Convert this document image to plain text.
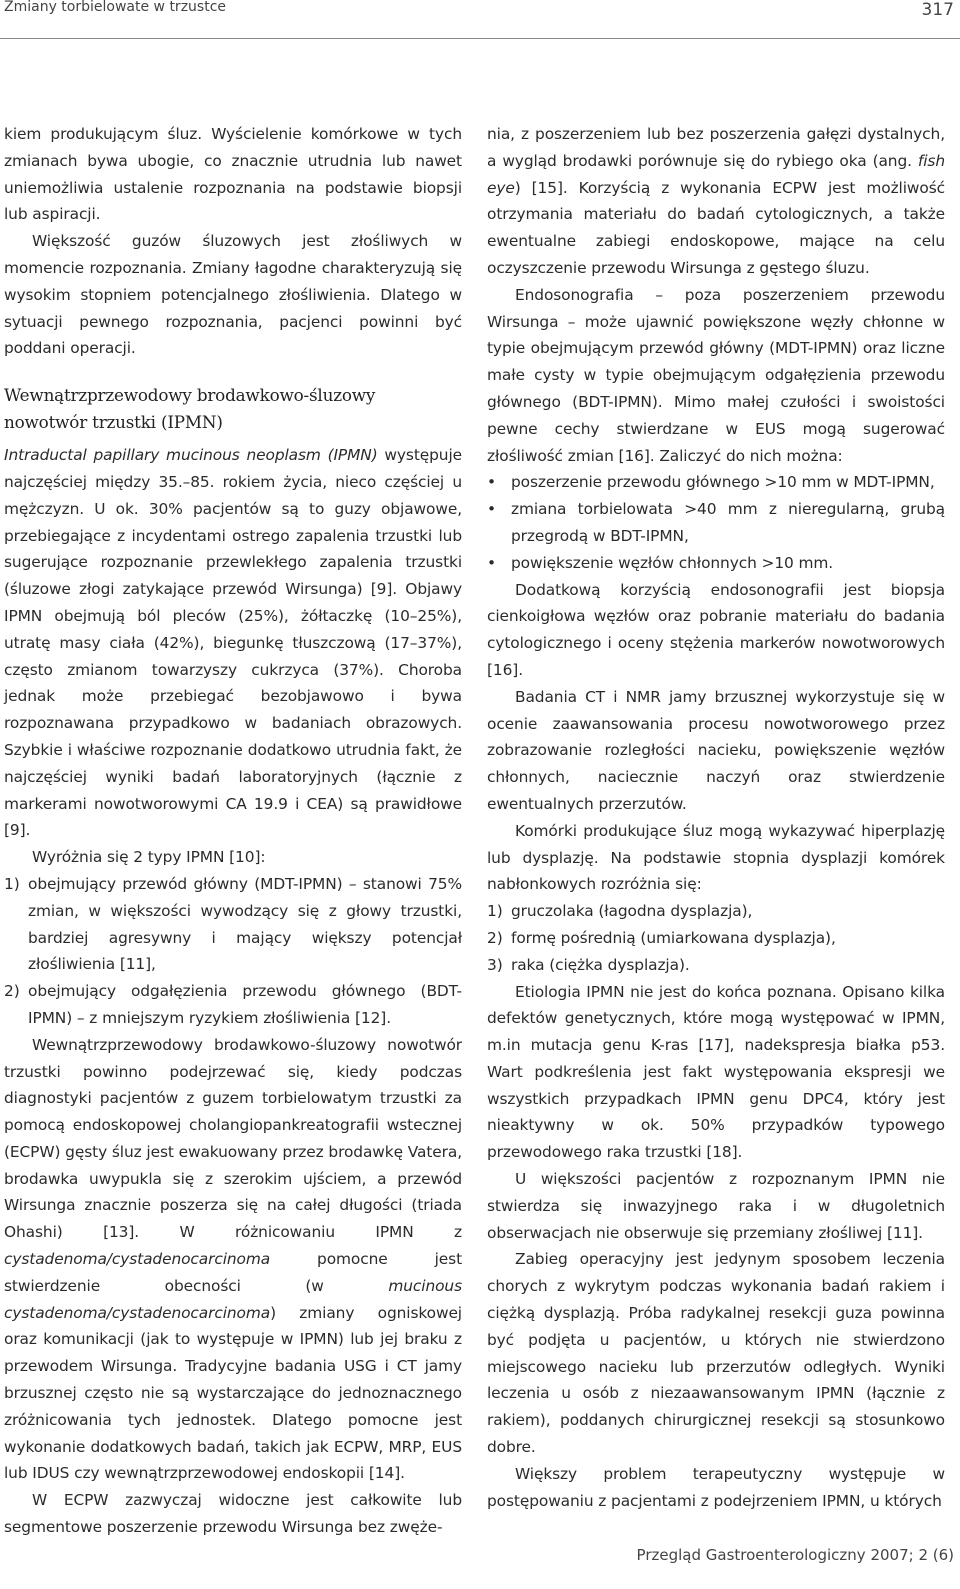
Zmiany torbielowate w trzustce	317

kiem produkującym śluz. Wyścielenie komórkowe w tych zmianach bywa ubogie, co znacznie utrudnia lub nawet uniemożliwia ustalenie rozpoznania na podstawie biopsji lub aspiracji.

Większość guzów śluzowych jest złośliwych w momencie rozpoznania. Zmiany łagodne charakteryzują się wysokim stopniem potencjalnego złośliwienia. Dlatego w sytuacji pewnego rozpoznania, pacjenci powinni być poddani operacji.

Wewnątrzprzewodowy brodawkowo-śluzowy
nowotwór trzustki (IPMN)

Intraductal papillary mucinous neoplasm (IPMN) występuje najczęściej między 35.–85. rokiem życia, nieco częściej u mężczyzn. U ok. 30% pacjentów są to guzy objawowe, przebiegające z incydentami ostrego zapalenia trzustki lub sugerujące rozpoznanie przewlekłego zapalenia trzustki (śluzowe złogi zatykające przewód Wirsunga) [9]. Objawy IPMN obejmują ból pleców (25%), żółtaczkę (10–25%), utratę masy ciała (42%), biegunkę tłuszczową (17–37%), często zmianom towarzyszy cukrzyca (37%). Choroba jednak może przebiegać bezobjawowo i bywa rozpoznawana przypadkowo w badaniach obrazowych. Szybkie i właściwe rozpoznanie dodatkowo utrudnia fakt, że najczęściej wyniki badań laboratoryjnych (łącznie z markerami nowotworowymi CA 19.9 i CEA) są prawidłowe [9].

Wyróżnia się 2 typy IPMN [10]:

1) obejmujący przewód główny (MDT-IPMN) – stanowi 75% zmian, w większości wywodzący się z głowy trzustki, bardziej agresywny i mający większy potencjał złośliwienia [11],
2) obejmujący odgałęzienia przewodu głównego (BDT-IPMN) – z mniejszym ryzykiem złośliwienia [12].

Wewnątrzprzewodowy brodawkowo-śluzowy nowotwór trzustki powinno podejrzewać się, kiedy podczas diagnostyki pacjentów z guzem torbielowatym trzustki za pomocą endoskopowej cholangiopankreatografii wstecznej (ECPW) gęsty śluz jest ewakuowany przez brodawkę Vatera, brodawka uwypukla się z szerokim ujściem, a przewód Wirsunga znacznie poszerza się na całej długości (triada Ohashi) [13]. W różnicowaniu IPMN z cystadenoma/cystadenocarcinoma pomocne jest stwierdzenie obecności (w mucinous cystadenoma/cystadenocarcinoma) zmiany ogniskowej oraz komunikacji (jak to występuje w IPMN) lub jej braku z przewodem Wirsunga. Tradycyjne badania USG i CT jamy brzusznej często nie są wystarczające do jednoznacznego zróżnicowania tych jednostek. Dlatego pomocne jest wykonanie dodatkowych badań, takich jak ECPW, MRP, EUS lub IDUS czy wewnątrzprzewodowej endoskopii [14].

W ECPW zazwyczaj widoczne jest całkowite lub segmentowe poszerzenie przewodu Wirsunga bez zwęże-

nia, z poszerzeniem lub bez poszerzenia gałęzi dystalnych, a wygląd brodawki porównuje się do rybiego oka (ang. fish eye) [15]. Korzyścią z wykonania ECPW jest możliwość otrzymania materiału do badań cytologicznych, a także ewentualne zabiegi endoskopowe, mające na celu oczyszczenie przewodu Wirsunga z gęstego śluzu.

Endosonografia – poza poszerzeniem przewodu Wirsunga – może ujawnić powiększone węzły chłonne w typie obejmującym przewód główny (MDT-IPMN) oraz liczne małe cysty w typie obejmującym odgałęzienia przewodu głównego (BDT-IPMN). Mimo małej czułości i swoistości pewne cechy stwierdzane w EUS mogą sugerować złośliwość zmian [16]. Zaliczyć do nich można:

• poszerzenie przewodu głównego >10 mm w MDT-IPMN,
• zmiana torbielowata >40 mm z nieregularną, grubą przegrodą w BDT-IPMN,
• powiększenie węzłów chłonnych >10 mm.

Dodatkową korzyścią endosonografii jest biopsja cienkoigłowa węzłów oraz pobranie materiału do badania cytologicznego i oceny stężenia markerów nowotworowych [16].

Badania CT i NMR jamy brzusznej wykorzystuje się w ocenie zaawansowania procesu nowotworowego przez zobrazowanie rozległości nacieku, powiększenie węzłów chłonnych, naciecznie naczyń oraz stwierdzenie ewentualnych przerzutów.

Komórki produkujące śluz mogą wykazywać hiperplazję lub dysplazję. Na podstawie stopnia dysplazji komórek nabłonkowych rozróżnia się:

1) gruczolaka (łagodna dysplazja),
2) formę pośrednią (umiarkowana dysplazja),
3) raka (ciężka dysplazja).

Etiologia IPMN nie jest do końca poznana. Opisano kilka defektów genetycznych, które mogą występować w IPMN, m.in mutacja genu K-ras [17], nadekspresja białka p53. Wart podkreślenia jest fakt występowania ekspresji we wszystkich przypadkach IPMN genu DPC4, który jest nieaktywny w ok. 50% przypadków typowego przewodowego raka trzustki [18].

U większości pacjentów z rozpoznanym IPMN nie stwierdza się inwazyjnego raka i w długoletnich obserwacjach nie obserwuje się przemiany złośliwej [11].

Zabieg operacyjny jest jedynym sposobem leczenia chorych z wykrytym podczas wykonania badań rakiem i ciężką dysplazją. Próba radykalnej resekcji guza powinna być podjęta u pacjentów, u których nie stwierdzono miejscowego nacieku lub przerzutów odległych. Wyniki leczenia u osób z niezaawansowanym IPMN (łącznie z rakiem), poddanych chirurgicznej resekcji są stosunkowo dobre.

Większy problem terapeutyczny występuje w postępowaniu z pacjentami z podejrzeniem IPMN, u których

Przegląd Gastroenterologiczny 2007; 2 (6)
